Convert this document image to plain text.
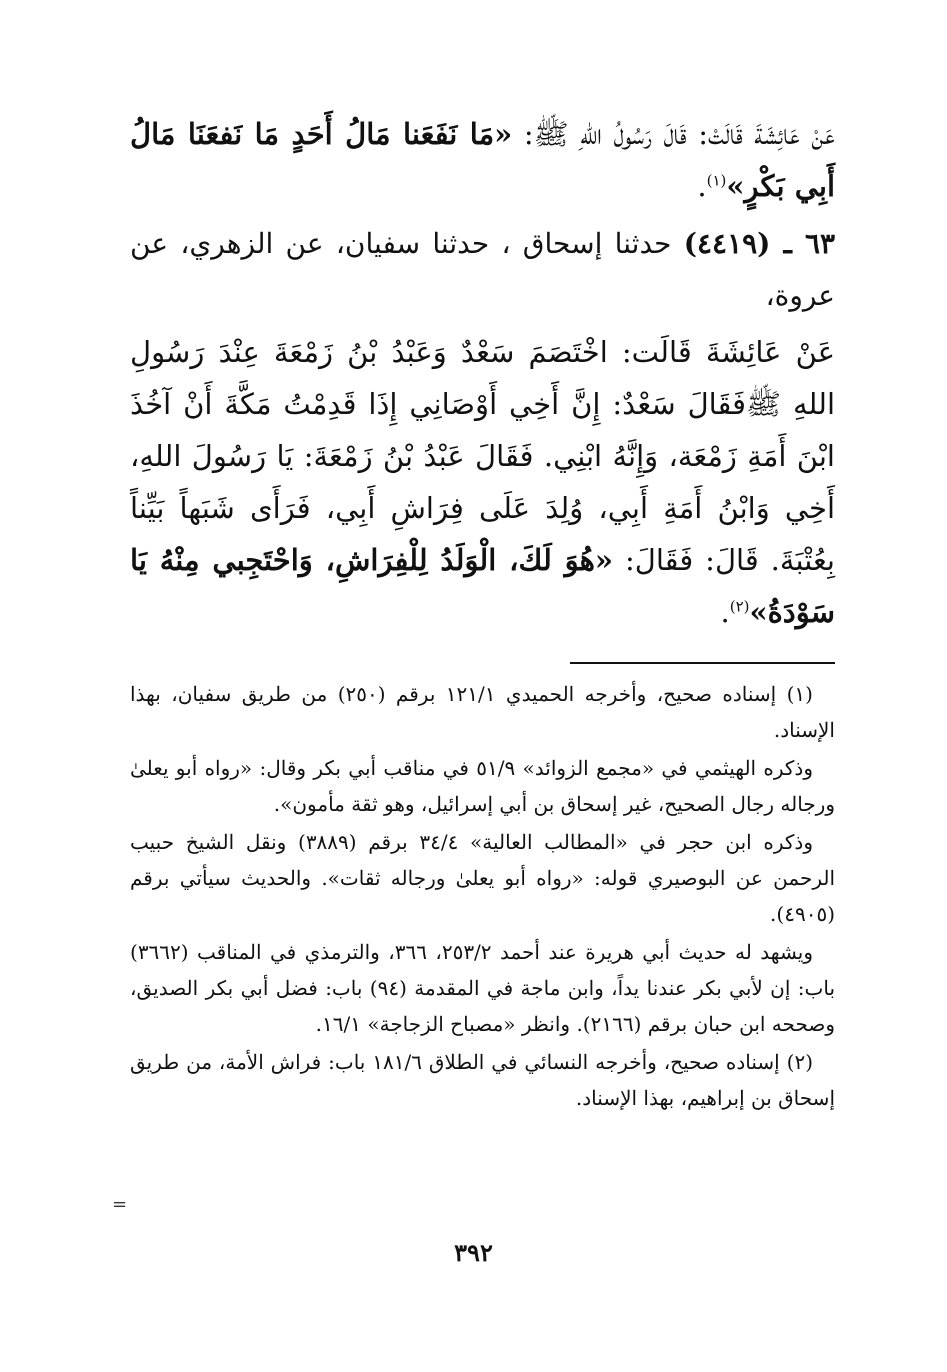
عَنْ عَائِشَةَ قَالَتْ: قَالَ رَسُولُ اللهِ ﷺ: «مَا نَفَعَنا مَالُ أَحَدٍ مَا نَفعَنَا مَالُ أَبِي بَكْرٍ»$^{(١)}$.

٦٣ ـ (٤٤١٩) حدثنا إسحاق ، حدثنا سفيان، عن الزهري، عن عروة،

عَنْ عَائِشَةَ قَالَت: اخْتَصَمَ سَعْدٌ وَعَبْدُ بْنُ زَمْعَةَ عِنْدَ رَسُولِ اللهِ ﷺفَقَالَ سَعْدٌ: إِنَّ أَخِي أَوْصَانِي إِذَا قَدِمْتُ مَكَّةَ أَنْ آخُذَ ابْنَ أَمَةِ زَمْعَة، وَإِنَّهُ ابْنِي. فَقَالَ عَبْدُ بْنُ زَمْعَةَ: يَا رَسُولَ اللهِ، أَخِي وَابْنُ أَمَةِ أَبِي، وُلِدَ عَلَى فِرَاشِ أَبِي، فَرَأَى شَبَهاً بَيِّناً بِعُتْبَةَ. قَالَ: فَقَالَ: «هُوَ لَكَ، الْوَلَدُ لِلْفِرَاشِ، وَاحْتَجِبي مِنْهُ يَا سَوْدَةُ»$^{(٢)}$.

(١) إسناده صحيح، وأخرجه الحميدي ١٢١/١ برقم (٢٥٠) من طريق سفيان، بهذا الإسناد.

وذكره الهيثمي في «مجمع الزوائد» ٥١/٩ في مناقب أبي بكر وقال: «رواه أبو يعلىٰ ورجاله رجال الصحيح، غير إسحاق بن أبي إسرائيل، وهو ثقة مأمون».

وذكره ابن حجر في «المطالب العالية» ٣٤/٤ برقم (٣٨٨٩) ونقل الشيخ حبيب الرحمن عن البوصيري قوله: «رواه أبو يعلىٰ ورجاله ثقات». والحديث سيأتي برقم (٤٩٠٥).

ويشهد له حديث أبي هريرة عند أحمد ٢٥٣/٢، ٣٦٦، والترمذي في المناقب (٣٦٦٢) باب: إن لأبي بكر عندنا يداً، وابن ماجة في المقدمة (٩٤) باب: فضل أبي بكر الصديق، وصححه ابن حبان برقم (٢١٦٦). وانظر «مصباح الزجاجة» ١٦/١.

(٢) إسناده صحيح، وأخرجه النسائي في الطلاق ١٨١/٦ باب: فراش الأمة، من طريق إسحاق بن إبراهيم، بهذا الإسناد.

=
٣٩٢
